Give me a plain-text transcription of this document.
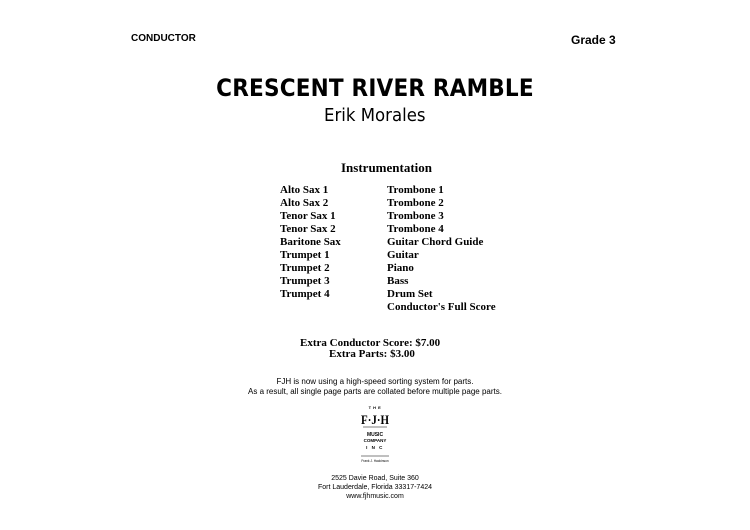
CONDUCTOR	Grade 3
CRESCENT RIVER RAMBLE
Erik Morales
Instrumentation
Alto Sax 1
Alto Sax 2
Tenor Sax 1
Tenor Sax 2
Baritone Sax
Trumpet 1
Trumpet 2
Trumpet 3
Trumpet 4
Trombone 1
Trombone 2
Trombone 3
Trombone 4
Guitar Chord Guide
Guitar
Piano
Bass
Drum Set
Conductor's Full Score
Extra Conductor Score: $7.00
Extra Parts: $3.00
FJH is now using a high-speed sorting system for parts.
As a result, all single page parts are collated before multiple page parts.
T H E
F·J·H
MUSIC
COMPANY
I N C
Frank J. Hackinson
2525 Davie Road, Suite 360
Fort Lauderdale, Florida 33317-7424
www.fjhmusic.com
